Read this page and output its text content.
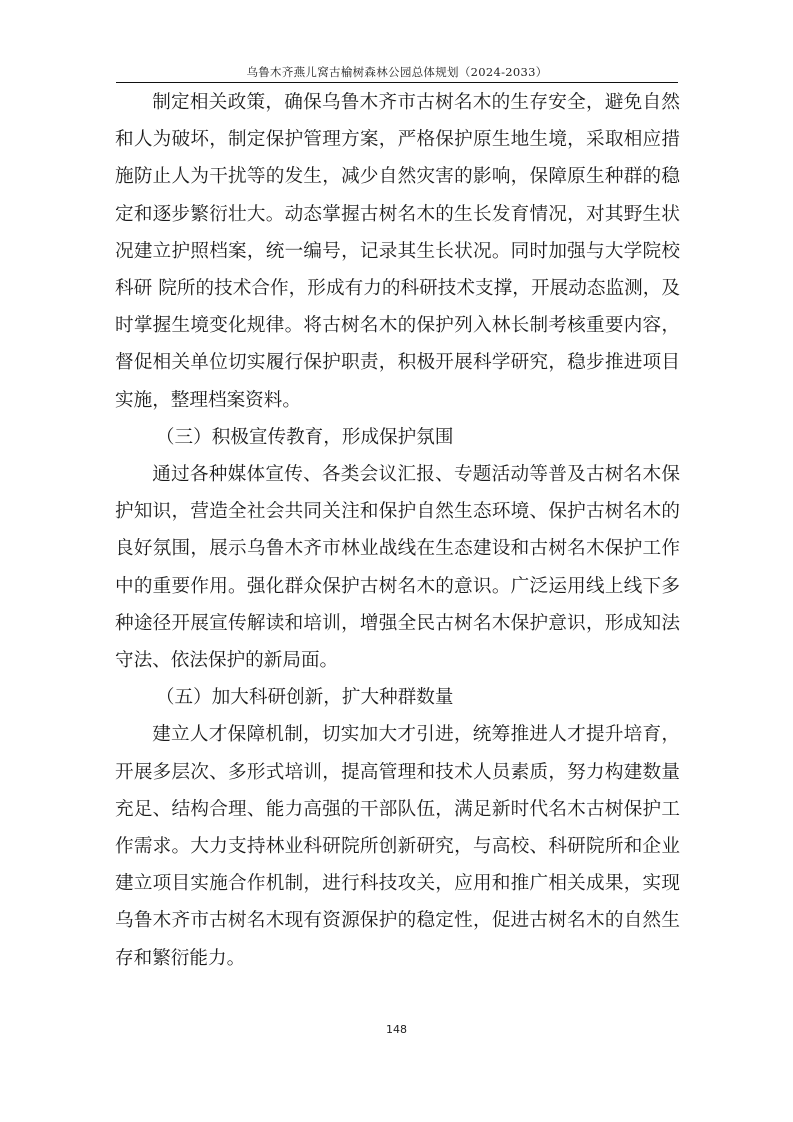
乌鲁木齐燕儿窝古榆树森林公园总体规划（2024-2033）

制定相关政策，确保乌鲁木齐市古树名木的生存安全，避免自然和人为破坏，制定保护管理方案，严格保护原生地生境，采取相应措施防止人为干扰等的发生，减少自然灾害的影响，保障原生种群的稳定和逐步繁衍壮大。动态掌握古树名木的生长发育情况，对其野生状况建立护照档案，统一编号，记录其生长状况。同时加强与大学院校科研 院所的技术合作，形成有力的科研技术支撑，开展动态监测，及时掌握生境变化规律。将古树名木的保护列入林长制考核重要内容，督促相关单位切实履行保护职责，积极开展科学研究，稳步推进项目实施，整理档案资料。

（三）积极宣传教育，形成保护氛围

通过各种媒体宣传、各类会议汇报、专题活动等普及古树名木保护知识，营造全社会共同关注和保护自然生态环境、保护古树名木的良好氛围，展示乌鲁木齐市林业战线在生态建设和古树名木保护工作中的重要作用。强化群众保护古树名木的意识。广泛运用线上线下多种途径开展宣传解读和培训，增强全民古树名木保护意识，形成知法守法、依法保护的新局面。

（五）加大科研创新，扩大种群数量

建立人才保障机制，切实加大才引进，统筹推进人才提升培育，开展多层次、多形式培训，提高管理和技术人员素质，努力构建数量充足、结构合理、能力高强的干部队伍，满足新时代名木古树保护工作需求。大力支持林业科研院所创新研究，与高校、科研院所和企业建立项目实施合作机制，进行科技攻关，应用和推广相关成果，实现乌鲁木齐市古树名木现有资源保护的稳定性，促进古树名木的自然生存和繁衍能力。

148
